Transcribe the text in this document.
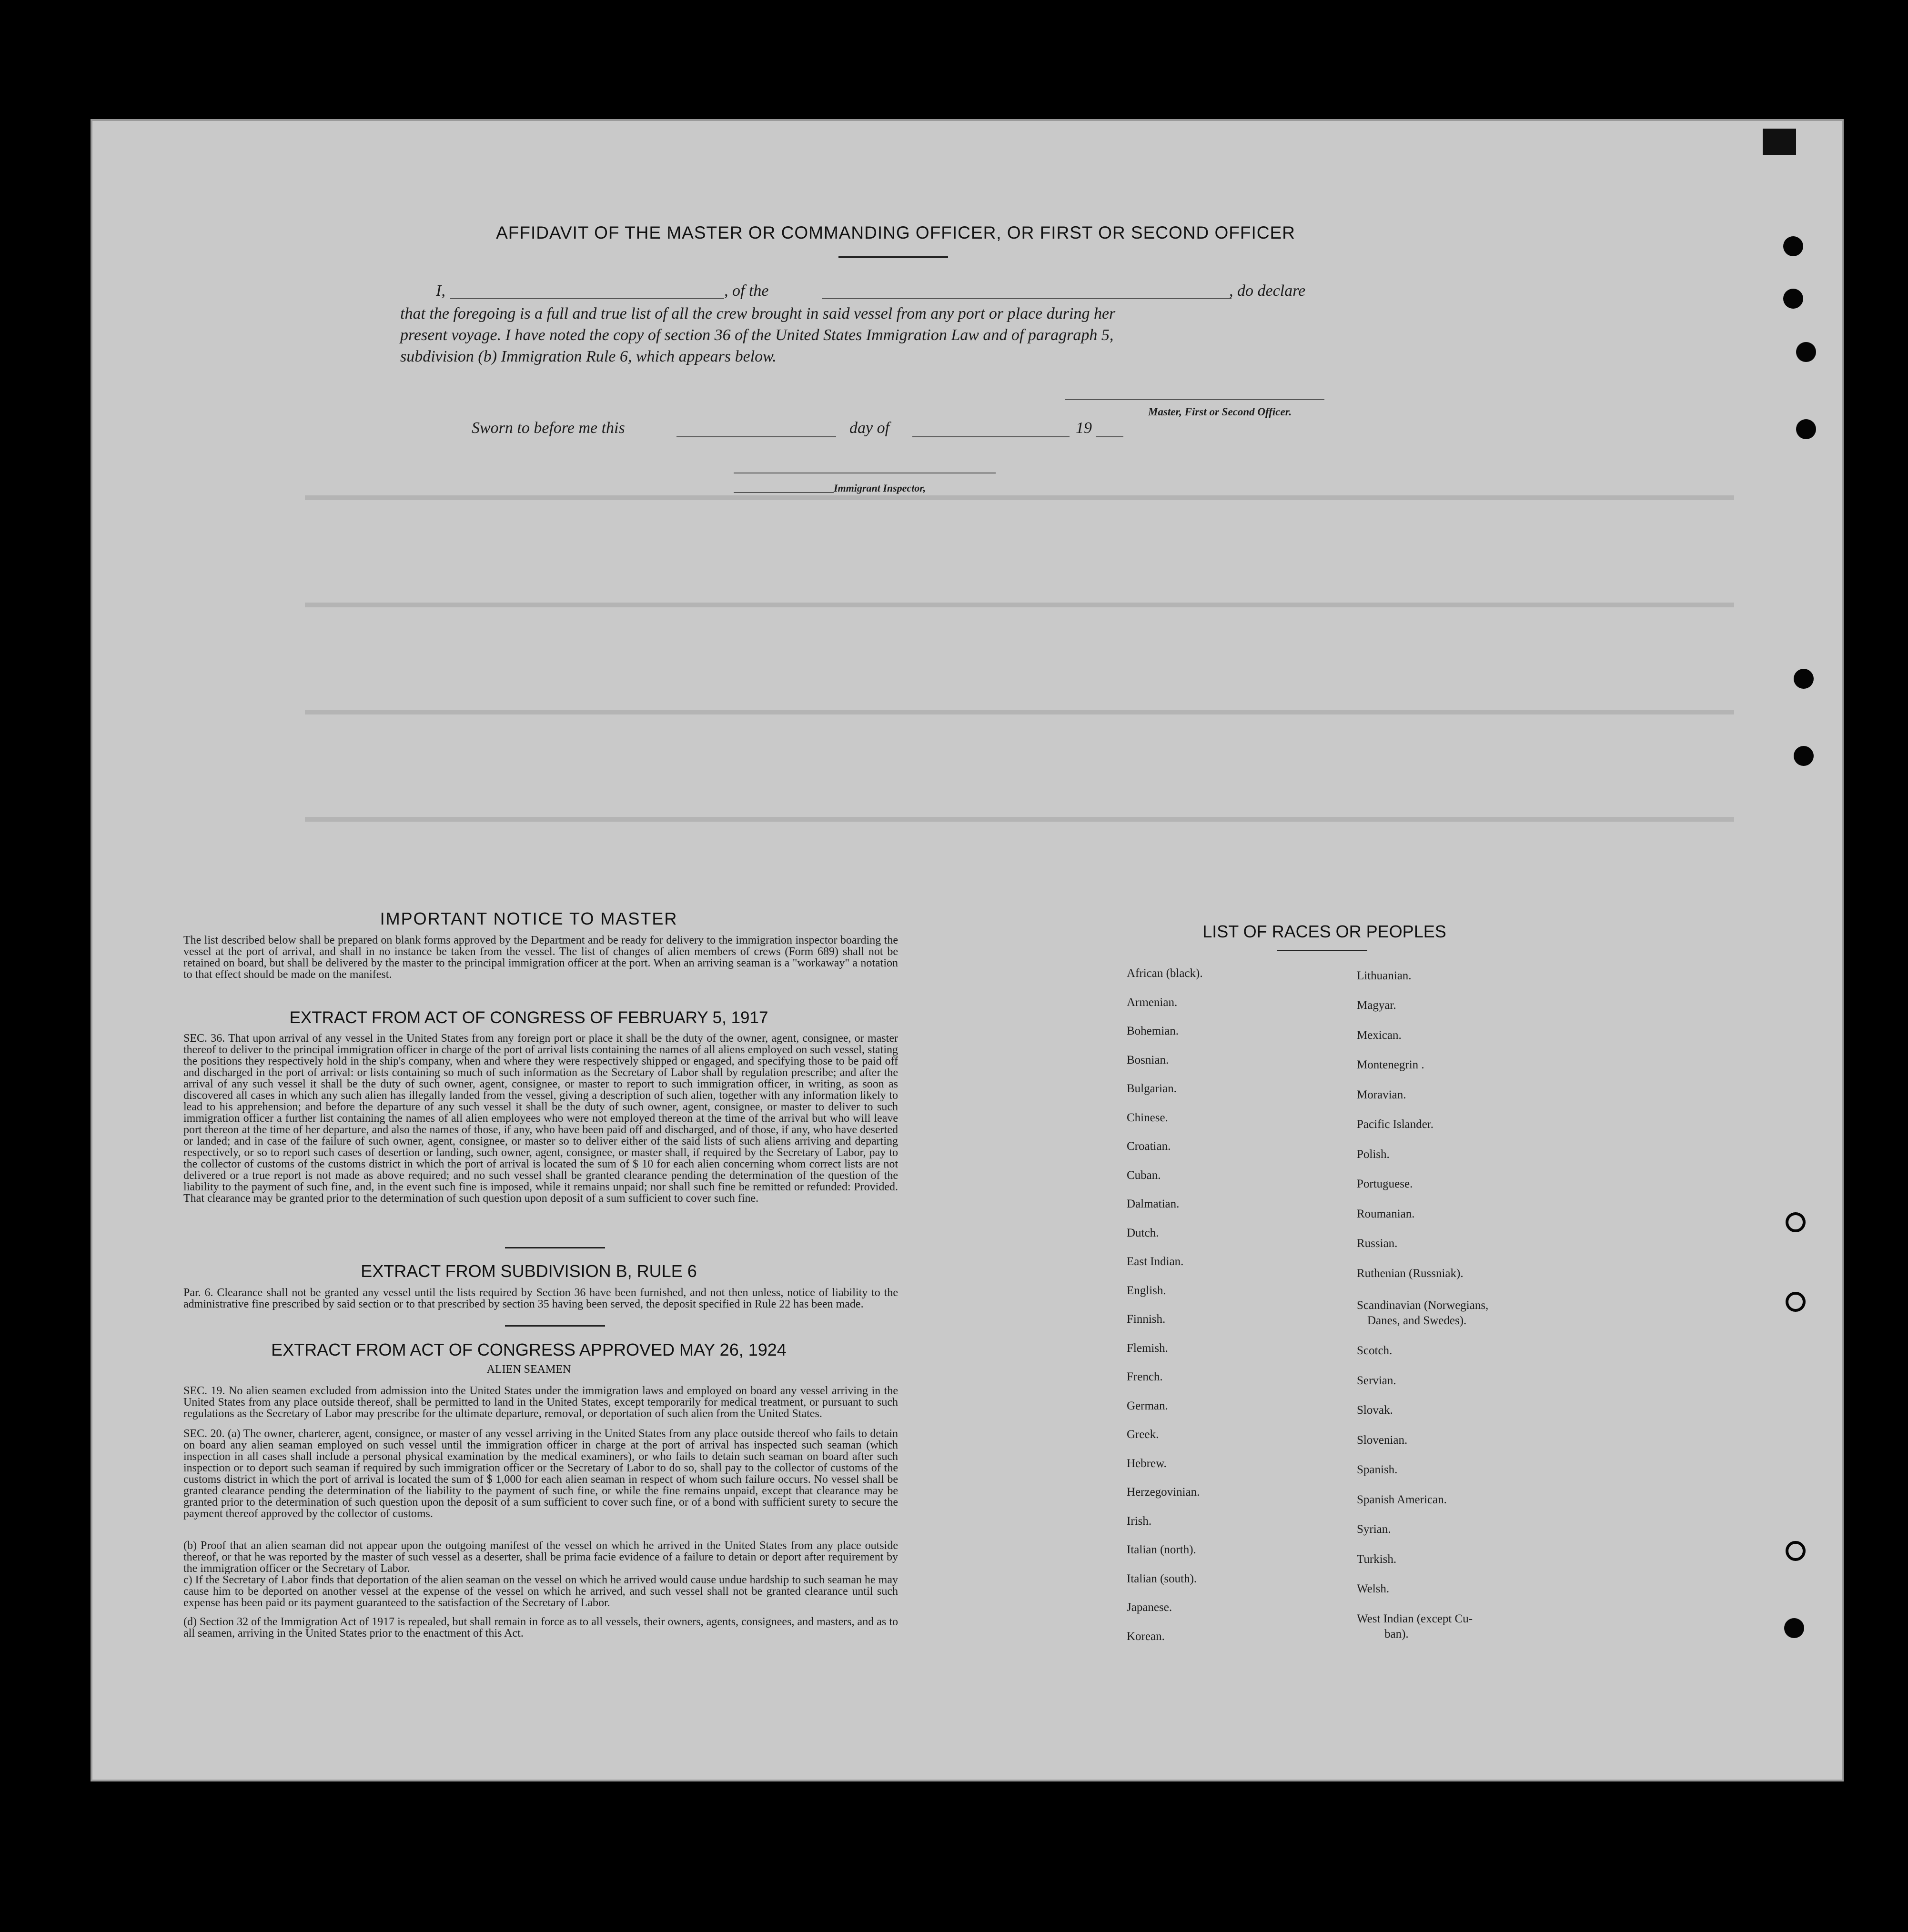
AFFIDAVIT OF THE MASTER OR COMMANDING OFFICER, OR FIRST OR SECOND OFFICER
I,	, of the	, do declare
that the foregoing is a full and true list of all the crew brought in said vessel from any port or place during her
present voyage. I have noted the copy of section 36 of the United States Immigration Law and of paragraph 5,
subdivision (b) Immigration Rule 6, which appears below.
Master, First or Second Officer.
Sworn to before me this	day of	19
Immigrant Inspector,
IMPORTANT NOTICE TO MASTER
The list described below shall be prepared on blank forms approved by the Department and be ready for delivery to the immigration inspector boarding the vessel at the port of arrival, and shall in no instance be taken from the vessel. The list of changes of alien members of crews (Form 689) shall not be retained on board, but shall be delivered by the master to the principal immigration officer at the port. When an arriving seaman is a "workaway" a notation to that effect should be made on the manifest.
EXTRACT FROM ACT OF CONGRESS OF FEBRUARY 5, 1917
SEC. 36. That upon arrival of any vessel in the United States from any foreign port or place it shall be the duty of the owner, agent, consignee, or master thereof to deliver to the principal immigration officer in charge of the port of arrival lists containing the names of all aliens employed on such vessel, stating the positions they respectively hold in the ship's company, when and where they were respectively shipped or engaged, and specifying those to be paid off and discharged in the port of arrival: or lists containing so much of such information as the Secretary of Labor shall by regulation prescribe; and after the arrival of any such vessel it shall be the duty of such owner, agent, consignee, or master to report to such immigration officer, in writing, as soon as discovered all cases in which any such alien has illegally landed from the vessel, giving a description of such alien, together with any information likely to lead to his apprehension; and before the departure of any such vessel it shall be the duty of such owner, agent, consignee, or master to deliver to such immigration officer a further list containing the names of all alien employees who were not employed thereon at the time of the arrival but who will leave port thereon at the time of her departure, and also the names of those, if any, who have been paid off and discharged, and of those, if any, who have deserted or landed; and in case of the failure of such owner, agent, consignee, or master so to deliver either of the said lists of such aliens arriving and departing respectively, or so to report such cases of desertion or landing, such owner, agent, consignee, or master shall, if required by the Secretary of Labor, pay to the collector of customs of the customs district in which the port of arrival is located the sum of $ 10 for each alien concerning whom correct lists are not delivered or a true report is not made as above required; and no such vessel shall be granted clearance pending the determination of the question of the liability to the payment of such fine, and, in the event such fine is imposed, while it remains unpaid; nor shall such fine be remitted or refunded: Provided. That clearance may be granted prior to the determination of such question upon deposit of a sum sufficient to cover such fine.
EXTRACT FROM SUBDIVISION B, RULE 6
Par. 6. Clearance shall not be granted any vessel until the lists required by Section 36 have been furnished, and not then unless, notice of liability to the administrative fine prescribed by said section or to that prescribed by section 35 having been served, the deposit specified in Rule 22 has been made.
EXTRACT FROM ACT OF CONGRESS APPROVED MAY 26, 1924
ALIEN SEAMEN
SEC. 19. No alien seamen excluded from admission into the United States under the immigration laws and employed on board any vessel arriving in the United States from any place outside thereof, shall be permitted to land in the United States, except temporarily for medical treatment, or pursuant to such regulations as the Secretary of Labor may prescribe for the ultimate departure, removal, or deportation of such alien from the United States.
SEC. 20. (a) The owner, charterer, agent, consignee, or master of any vessel arriving in the United States from any place outside thereof who fails to detain on board any alien seaman employed on such vessel until the immigration officer in charge at the port of arrival has inspected such seaman (which inspection in all cases shall include a personal physical examination by the medical examiners), or who fails to detain such seaman on board after such inspection or to deport such seaman if required by such immigration officer or the Secretary of Labor to do so, shall pay to the collector of customs of the customs district in which the port of arrival is located the sum of $ 1,000 for each alien seaman in respect of whom such failure occurs. No vessel shall be granted clearance pending the determination of the liability to the payment of such fine, or while the fine remains unpaid, except that clearance may be granted prior to the determination of such question upon the deposit of a sum sufficient to cover such fine, or of a bond with sufficient surety to secure the payment thereof approved by the collector of customs.
(b) Proof that an alien seaman did not appear upon the outgoing manifest of the vessel on which he arrived in the United States from any place outside thereof, or that he was reported by the master of such vessel as a deserter, shall be prima facie evidence of a failure to detain or deport after requirement by the immigration officer or the Secretary of Labor.
c) If the Secretary of Labor finds that deportation of the alien seaman on the vessel on which he arrived would cause undue hardship to such seaman he may cause him to be deported on another vessel at the expense of the vessel on which he arrived, and such vessel shall not be granted clearance until such expense has been paid or its payment guaranteed to the satisfaction of the Secretary of Labor.
(d) Section 32 of the Immigration Act of 1917 is repealed, but shall remain in force as to all vessels, their owners, agents, consignees, and masters, and as to all seamen, arriving in the United States prior to the enactment of this Act.
LIST OF RACES OR PEOPLES
African (black).
Armenian.
Bohemian.
Bosnian.
Bulgarian.
Chinese.
Croatian.
Cuban.
Dalmatian.
Dutch.
East Indian.
English.
Finnish.
Flemish.
French.
German.
Greek.
Hebrew.
Herzegovinian.
Irish.
Italian (north).
Italian (south).
Japanese.
Korean.
Lithuanian.
Magyar.
Mexican.
Montenegrin .
Moravian.
Pacific Islander.
Polish.
Portuguese.
Roumanian.
Russian.
Ruthenian (Russniak).
Scandinavian (Norwegians,
Danes, and Swedes).
Scotch.
Servian.
Slovak.
Slovenian.
Spanish.
Spanish American.
Syrian.
Turkish.
Welsh.
West Indian (except Cu-
ban).
